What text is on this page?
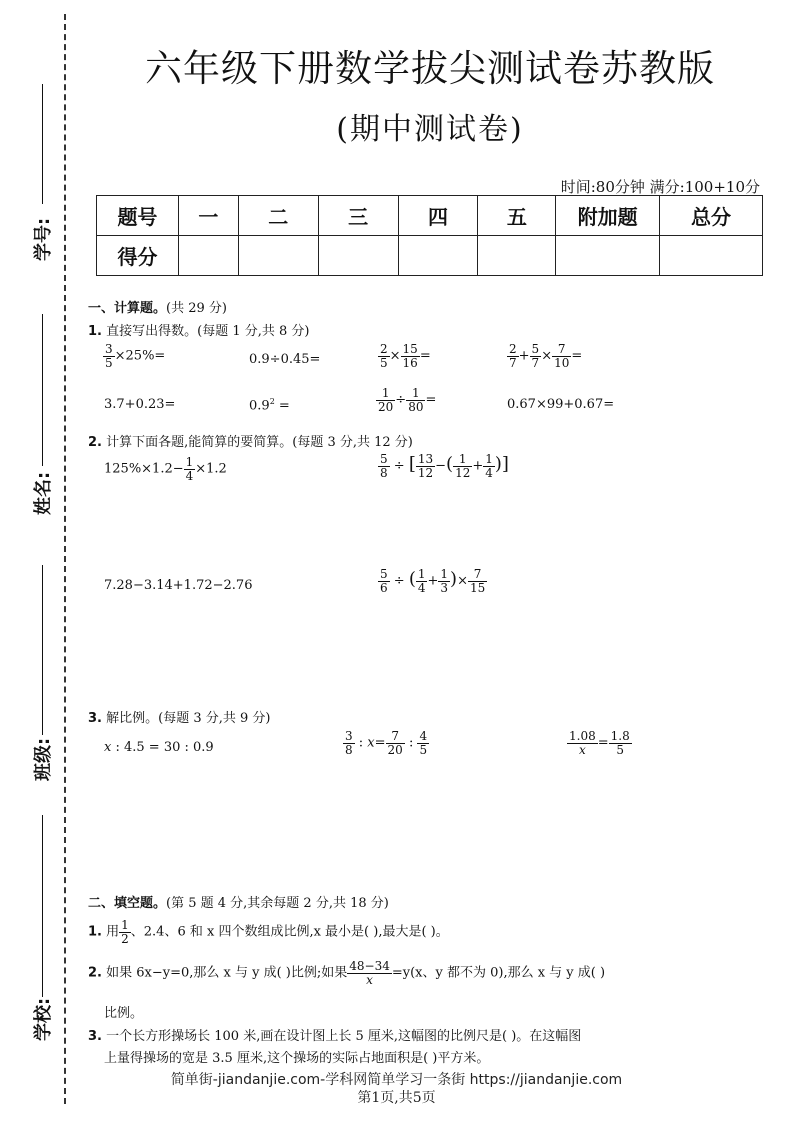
学号:
姓名:
班级:
学校:
六年级下册数学拔尖测试卷苏教版
(期中测试卷)
时间:80分钟 满分:100+10分
题号	一	二	三	四	五	附加题	总分
得分							
一、计算题。(共 29 分)
1. 直接写出得数。(每题 1 分,共 8 分)
$\frac{3}{5} \times 25\%=$	0.9÷0.45=	$\frac{2}{5} \times \frac{15}{16}$ =	$\frac{2}{7} + \frac{5}{7} \times \frac{7}{10}$ =
3.7+0.23=	$0.9^2$ =	$\frac{1}{20} \div \frac{1}{80}$ =	0.67×99+0.67=
2. 计算下面各题,能简算的要简算。(每题 3 分,共 12 分)
$125\%\times 1.2- \frac{1}{4} \times 1.2$	$\frac{5}{8}$ ÷ [ $\frac{13}{12}$ −( $\frac{1}{12} + \frac{1}{4}$ )]
7.28−3.14+1.72−2.76	$\frac{5}{6}$ ÷ ( $\frac{1}{4} + \frac{1}{3}$ )× $\frac{7}{15}$
3. 解比例。(每题 3 分,共 9 分)
x : 4.5 = 30 : 0.9	$\frac{3}{8}$ : $x= \frac{7}{20}$ : $\frac{4}{5}$	$\frac{1.08}{x} = \frac{1.8}{5}$
二、填空题。(第 5 题 4 分,其余每题 2 分,共 18 分)
1. 用 $\frac{1}{2}$ 、2.4、6 和 x 四个数组成比例,x 最小是( ),最大是( )。
2. 如果 6x−y=0,那么 x 与 y 成( )比例;如果 $\frac{48-34}{x} =y(x$、y 都不为 0),那么 x 与 y 成( )
比例。
3. 一个长方形操场长 100 米,画在设计图上长 5 厘米,这幅图的比例尺是( )。在这幅图
上量得操场的宽是 3.5 厘米,这个操场的实际占地面积是( )平方米。
简单街-jiandanjie.com-学科网简单学习一条街 https://jiandanjie.com
第1页,共5页
